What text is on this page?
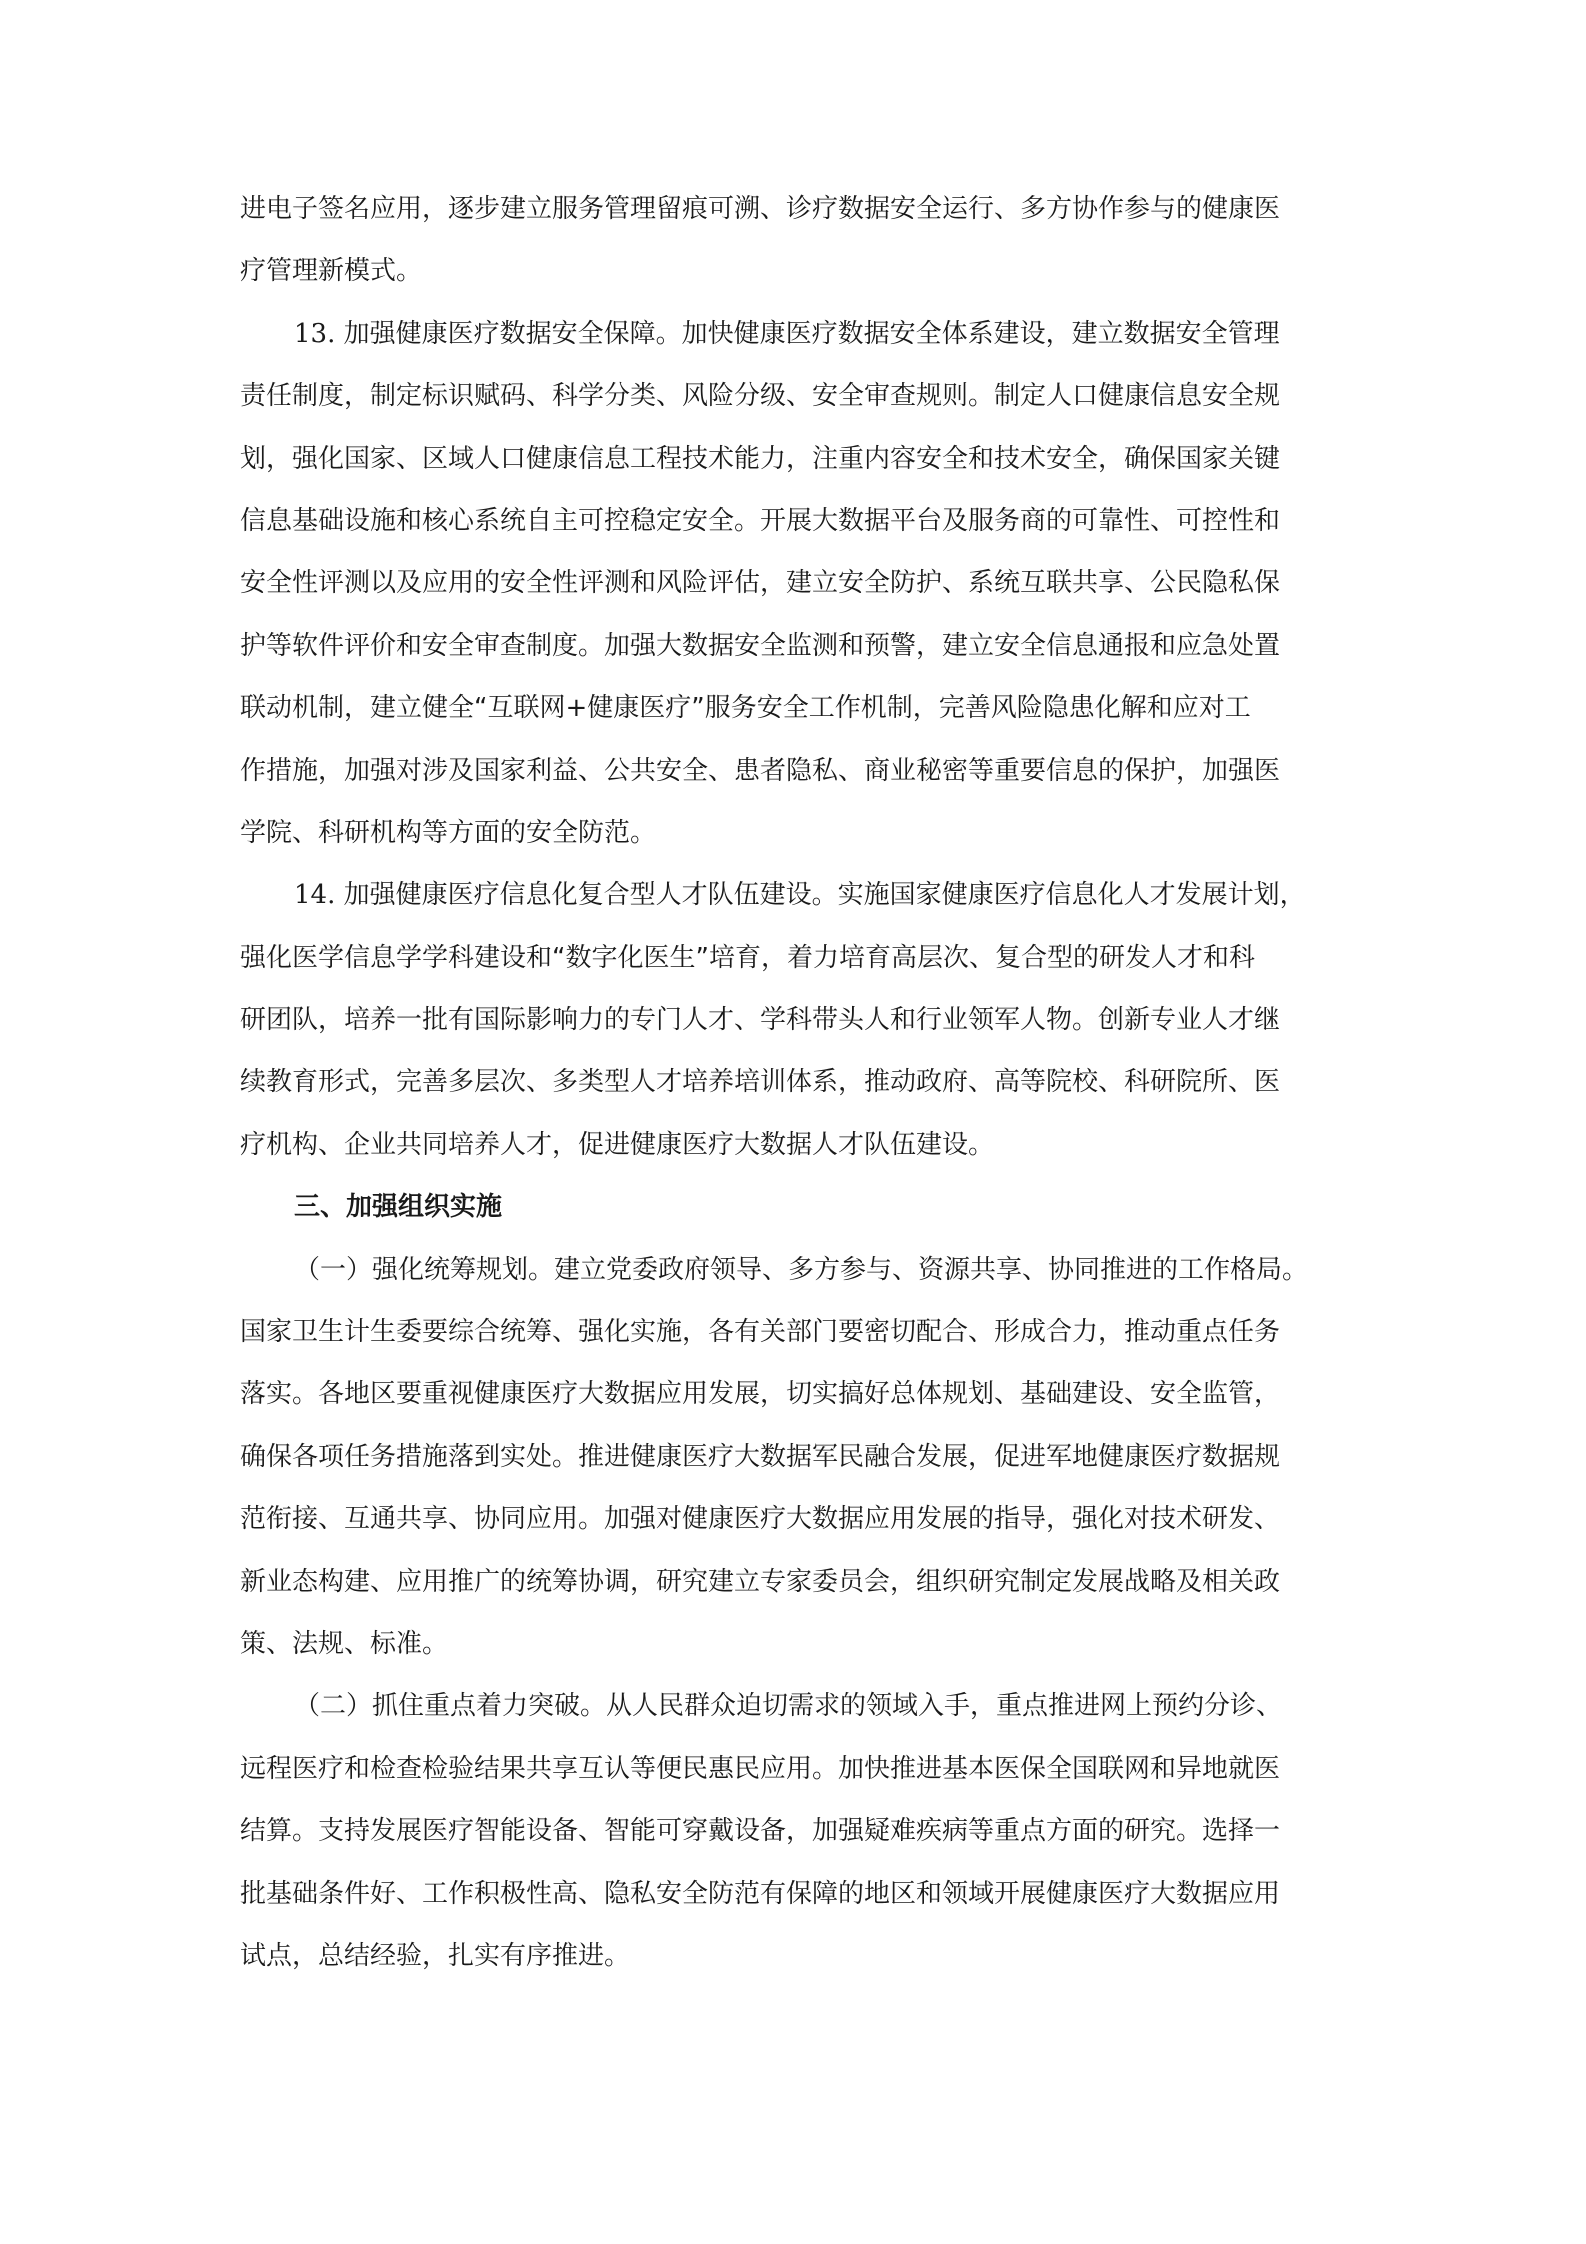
进电子签名应用，逐步建立服务管理留痕可溯、诊疗数据安全运行、多方协作参与的健康医
疗管理新模式。
13. 加强健康医疗数据安全保障。加快健康医疗数据安全体系建设，建立数据安全管理
责任制度，制定标识赋码、科学分类、风险分级、安全审查规则。制定人口健康信息安全规
划，强化国家、区域人口健康信息工程技术能力，注重内容安全和技术安全，确保国家关键
信息基础设施和核心系统自主可控稳定安全。开展大数据平台及服务商的可靠性、可控性和
安全性评测以及应用的安全性评测和风险评估，建立安全防护、系统互联共享、公民隐私保
护等软件评价和安全审查制度。加强大数据安全监测和预警，建立安全信息通报和应急处置
联动机制，建立健全“互联网+健康医疗”服务安全工作机制，完善风险隐患化解和应对工
作措施，加强对涉及国家利益、公共安全、患者隐私、商业秘密等重要信息的保护，加强医
学院、科研机构等方面的安全防范。
14. 加强健康医疗信息化复合型人才队伍建设。实施国家健康医疗信息化人才发展计划，
强化医学信息学学科建设和“数字化医生”培育，着力培育高层次、复合型的研发人才和科
研团队，培养一批有国际影响力的专门人才、学科带头人和行业领军人物。创新专业人才继
续教育形式，完善多层次、多类型人才培养培训体系，推动政府、高等院校、科研院所、医
疗机构、企业共同培养人才，促进健康医疗大数据人才队伍建设。
三、加强组织实施
（一）强化统筹规划。建立党委政府领导、多方参与、资源共享、协同推进的工作格局。
国家卫生计生委要综合统筹、强化实施，各有关部门要密切配合、形成合力，推动重点任务
落实。各地区要重视健康医疗大数据应用发展，切实搞好总体规划、基础建设、安全监管，
确保各项任务措施落到实处。推进健康医疗大数据军民融合发展，促进军地健康医疗数据规
范衔接、互通共享、协同应用。加强对健康医疗大数据应用发展的指导，强化对技术研发、
新业态构建、应用推广的统筹协调，研究建立专家委员会，组织研究制定发展战略及相关政
策、法规、标准。
（二）抓住重点着力突破。从人民群众迫切需求的领域入手，重点推进网上预约分诊、
远程医疗和检查检验结果共享互认等便民惠民应用。加快推进基本医保全国联网和异地就医
结算。支持发展医疗智能设备、智能可穿戴设备，加强疑难疾病等重点方面的研究。选择一
批基础条件好、工作积极性高、隐私安全防范有保障的地区和领域开展健康医疗大数据应用
试点，总结经验，扎实有序推进。
